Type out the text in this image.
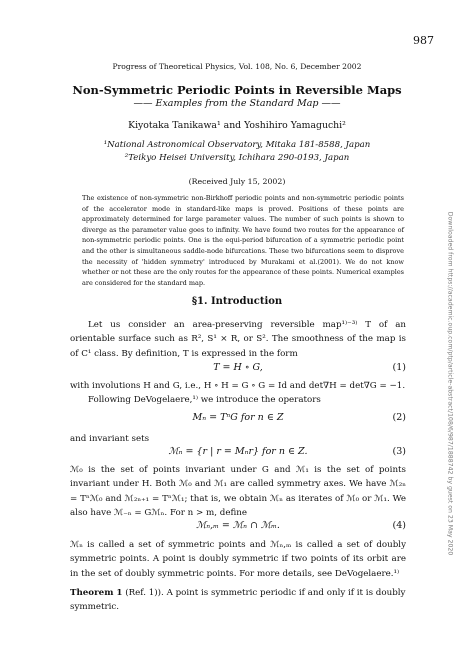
987
Progress of Theoretical Physics, Vol. 108, No. 6, December 2002
Non-Symmetric Periodic Points in Reversible Maps
—— Examples from the Standard Map ——
Kiyotaka Tanikawa¹ and Yoshihiro Yamaguchi²
¹National Astronomical Observatory, Mitaka 181-8588, Japan
²Teikyo Heisei University, Ichihara 290-0193, Japan
(Received July 15, 2002)
The existence of non-symmetric non-Birkhoff periodic points and non-symmetric periodic points of the accelerator mode in standard-like maps is proved. Positions of these points are approximately determined for large parameter values. The number of such points is shown to diverge as the parameter value goes to infinity. We have found two routes for the appearance of non-symmetric periodic points. One is the equi-period bifurcation of a symmetric periodic point and the other is simultaneous saddle-node bifurcations. These two bifurcations seem to disprove the necessity of 'hidden symmetry' introduced by Murakami et al.(2001). We do not know whether or not these are the only routes for the appearance of these points. Numerical examples are considered for the standard map.
§1. Introduction
Let us consider an area-preserving reversible map¹⁾⁻³⁾ T of an orientable surface such as R², S¹ × R, or S². The smoothness of the map is of C¹ class. By definition, T is expressed in the form
T = H ∘ G,	(1)
with involutions H and G, i.e., H ∘ H = G ∘ G = Id and det∇H = det∇G = −1.
Following DeVogelaere,¹⁾ we introduce the operators
Mₙ = TⁿG for n ∈ Z	(2)
and invariant sets
ℳₙ = {r | r = Mₙr} for n ∈ Z.	(3)
ℳ₀ is the set of points invariant under G and ℳ₁ is the set of points invariant under H. Both ℳ₀ and ℳ₁ are called symmetry axes. We have ℳ₂ₙ = Tⁿℳ₀ and ℳ₂ₙ₊₁ = Tⁿℳ₁; that is, we obtain ℳₙ as iterates of ℳ₀ or ℳ₁. We also have ℳ₋ₙ = Gℳₙ. For n > m, define
ℳₙ,ₘ = ℳₙ ∩ ℳₘ.	(4)
ℳₙ is called a set of symmetric points and ℳₙ,ₘ is called a set of doubly symmetric points. A point is doubly symmetric if two points of its orbit are in the set of doubly symmetric points. For more details, see DeVogelaere.¹⁾
Theorem 1 (Ref. 1)). A point is symmetric periodic if and only if it is doubly symmetric.
Downloaded from https://academic.oup.com/ptp/article-abstract/108/6/987/1888742 by guest on 23 May 2020
